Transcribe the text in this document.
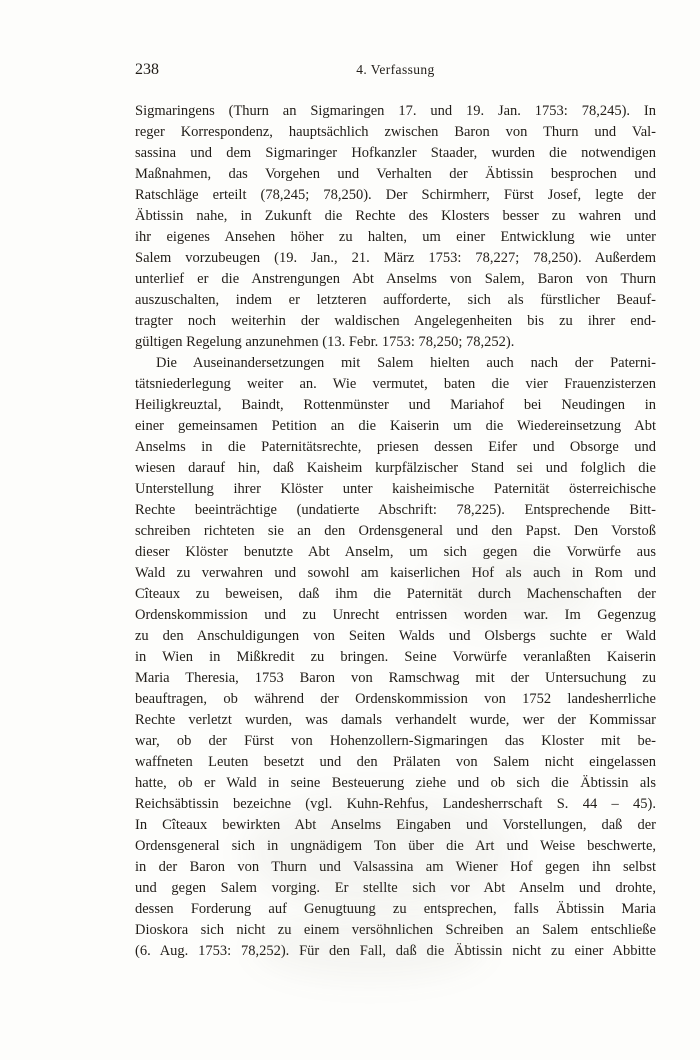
238	4. Verfassung
Sigmaringens (Thurn an Sigmaringen 17. und 19. Jan. 1753: 78,245). In
reger Korrespondenz, hauptsächlich zwischen Baron von Thurn und Val-
sassina und dem Sigmaringer Hofkanzler Staader, wurden die notwendigen
Maßnahmen, das Vorgehen und Verhalten der Äbtissin besprochen und
Ratschläge erteilt (78,245; 78,250). Der Schirmherr, Fürst Josef, legte der
Äbtissin nahe, in Zukunft die Rechte des Klosters besser zu wahren und
ihr eigenes Ansehen höher zu halten, um einer Entwicklung wie unter
Salem vorzubeugen (19. Jan., 21. März 1753: 78,227; 78,250). Außerdem
unterlief er die Anstrengungen Abt Anselms von Salem, Baron von Thurn
auszuschalten, indem er letzteren aufforderte, sich als fürstlicher Beauf-
tragter noch weiterhin der waldischen Angelegenheiten bis zu ihrer end-
gültigen Regelung anzunehmen (13. Febr. 1753: 78,250; 78,252).
Die Auseinandersetzungen mit Salem hielten auch nach der Paterni-
tätsniederlegung weiter an. Wie vermutet, baten die vier Frauenzisterzen
Heiligkreuztal, Baindt, Rottenmünster und Mariahof bei Neudingen in
einer gemeinsamen Petition an die Kaiserin um die Wiedereinsetzung Abt
Anselms in die Paternitätsrechte, priesen dessen Eifer und Obsorge und
wiesen darauf hin, daß Kaisheim kurpfälzischer Stand sei und folglich die
Unterstellung ihrer Klöster unter kaisheimische Paternität österreichische
Rechte beeinträchtige (undatierte Abschrift: 78,225). Entsprechende Bitt-
schreiben richteten sie an den Ordensgeneral und den Papst. Den Vorstoß
dieser Klöster benutzte Abt Anselm, um sich gegen die Vorwürfe aus
Wald zu verwahren und sowohl am kaiserlichen Hof als auch in Rom und
Cîteaux zu beweisen, daß ihm die Paternität durch Machenschaften der
Ordenskommission und zu Unrecht entrissen worden war. Im Gegenzug
zu den Anschuldigungen von Seiten Walds und Olsbergs suchte er Wald
in Wien in Mißkredit zu bringen. Seine Vorwürfe veranlaßten Kaiserin
Maria Theresia, 1753 Baron von Ramschwag mit der Untersuchung zu
beauftragen, ob während der Ordenskommission von 1752 landesherrliche
Rechte verletzt wurden, was damals verhandelt wurde, wer der Kommissar
war, ob der Fürst von Hohenzollern-Sigmaringen das Kloster mit be-
waffneten Leuten besetzt und den Prälaten von Salem nicht eingelassen
hatte, ob er Wald in seine Besteuerung ziehe und ob sich die Äbtissin als
Reichsäbtissin bezeichne (vgl. Kuhn-Rehfus, Landesherrschaft S. 44 – 45).
In Cîteaux bewirkten Abt Anselms Eingaben und Vorstellungen, daß der
Ordensgeneral sich in ungnädigem Ton über die Art und Weise beschwerte,
in der Baron von Thurn und Valsassina am Wiener Hof gegen ihn selbst
und gegen Salem vorging. Er stellte sich vor Abt Anselm und drohte,
dessen Forderung auf Genugtuung zu entsprechen, falls Äbtissin Maria
Dioskora sich nicht zu einem versöhnlichen Schreiben an Salem entschließe
(6. Aug. 1753: 78,252). Für den Fall, daß die Äbtissin nicht zu einer Abbitte
